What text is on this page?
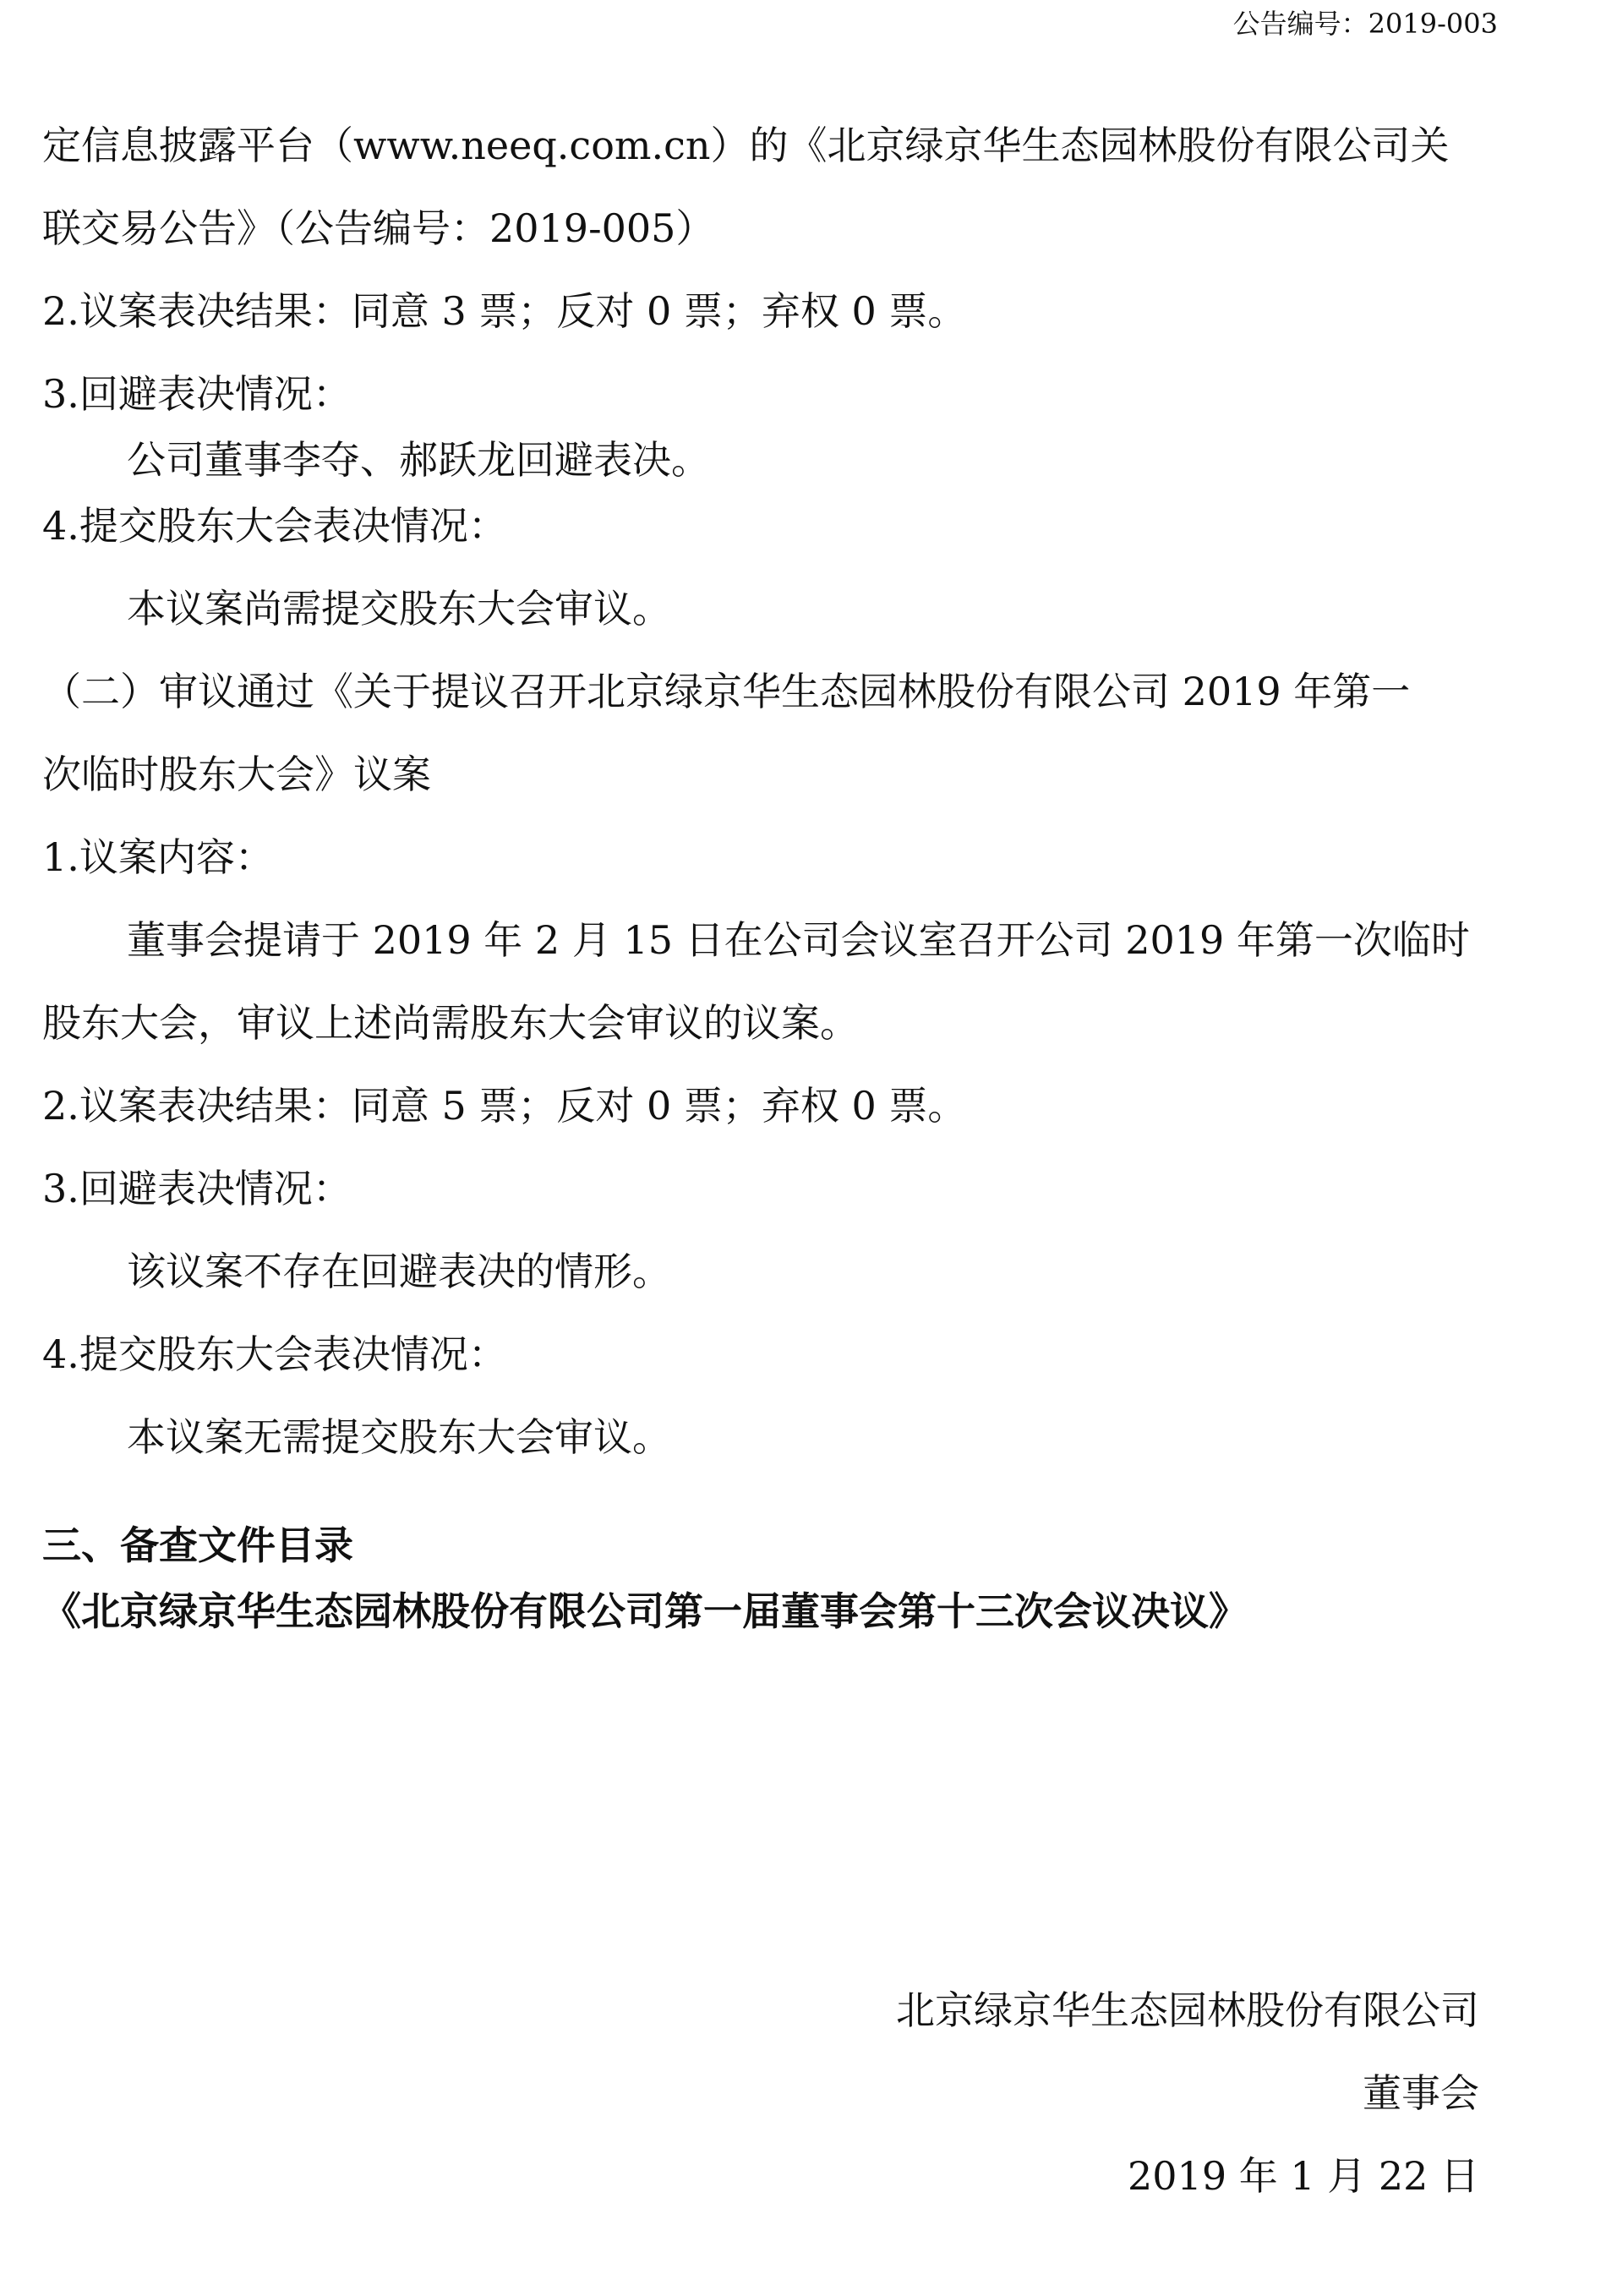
公告编号：2019-003
定信息披露平台（www.neeq.com.cn）的《北京绿京华生态园林股份有限公司关
联交易公告》（公告编号：2019-005）
2.议案表决结果：同意 3 票；反对 0 票；弃权 0 票。
3.回避表决情况：
公司董事李夺、郝跃龙回避表决。
4.提交股东大会表决情况：
本议案尚需提交股东大会审议。
（二）审议通过《关于提议召开北京绿京华生态园林股份有限公司 2019 年第一
次临时股东大会》议案
1.议案内容：
董事会提请于 2019 年 2 月 15 日在公司会议室召开公司 2019 年第一次临时
股东大会，审议上述尚需股东大会审议的议案。
2.议案表决结果：同意 5 票；反对 0 票；弃权 0 票。
3.回避表决情况：
该议案不存在回避表决的情形。
4.提交股东大会表决情况：
本议案无需提交股东大会审议。
三、备查文件目录
《北京绿京华生态园林股份有限公司第一届董事会第十三次会议决议》
北京绿京华生态园林股份有限公司
董事会
2019 年 1 月 22 日
